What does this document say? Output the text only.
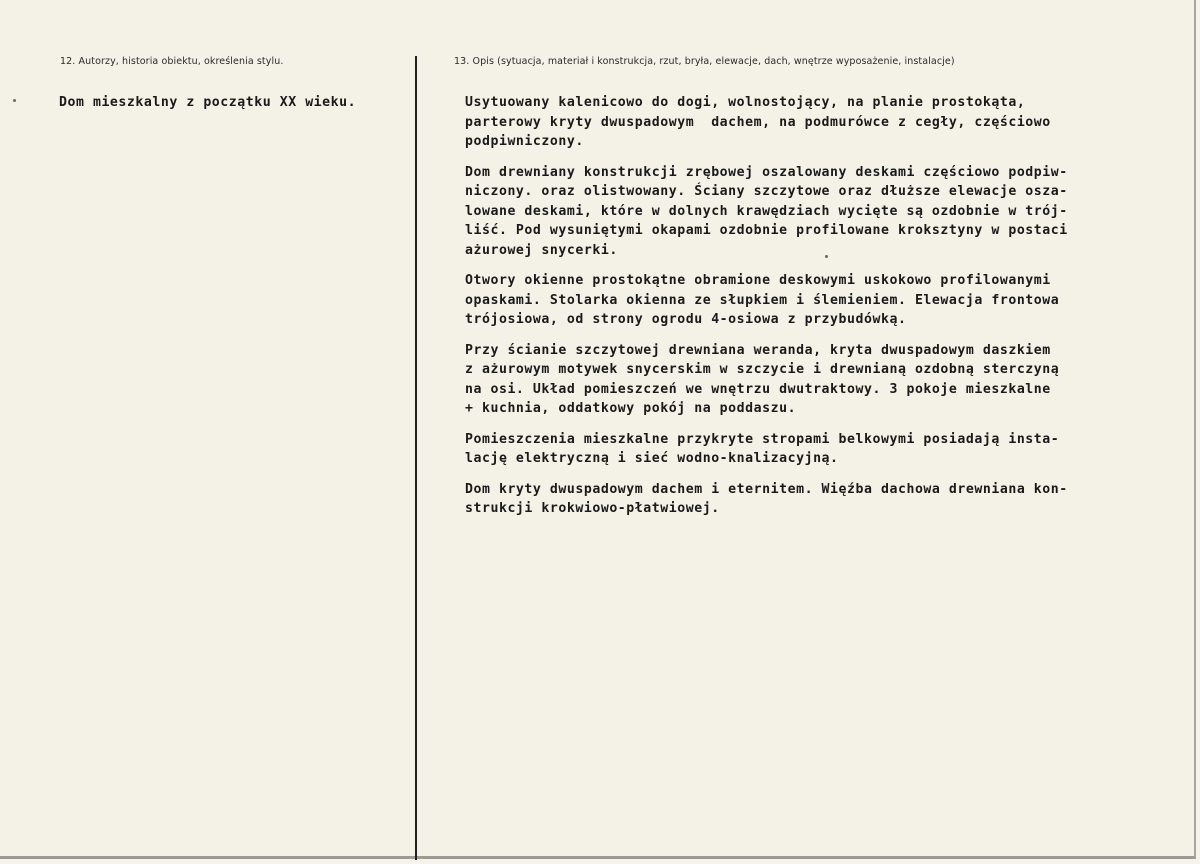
12. Autorzy, historia obiektu, określenia stylu.	13. Opis (sytuacja, materiał i konstrukcja, rzut, bryła, elewacje, dach, wnętrze wyposażenie, instalacje)

Dom mieszkalny z początku XX wieku.	Usytuowany kalenicowo do dogi, wolnostojący, na planie prostokąta,

parterowy kryty dwuspadowym  dachem, na podmurówce z cegły, częściowo

podpiwniczony.

Dom drewniany konstrukcji zrębowej oszalowany deskami częściowo podpiw-

niczony. oraz olistwowany. Ściany szczytowe oraz dłuższe elewacje osza-

lowane deskami, które w dolnych krawędziach wycięte są ozdobnie w trój-

liść. Pod wysuniętymi okapami ozdobnie profilowane kroksztyny w postaci

ażurowej snycerki.

Otwory okienne prostokątne obramione deskowymi uskokowo profilowanymi

opaskami. Stolarka okienna ze słupkiem i ślemieniem. Elewacja frontowa

trójosiowa, od strony ogrodu 4-osiowa z przybudówką.

Przy ścianie szczytowej drewniana weranda, kryta dwuspadowym daszkiem

z ażurowym motywek snycerskim w szczycie i drewnianą ozdobną sterczyną

na osi. Układ pomieszczeń we wnętrzu dwutraktowy. 3 pokoje mieszkalne

+ kuchnia, oddatkowy pokój na poddaszu.

Pomieszczenia mieszkalne przykryte stropami belkowymi posiadają insta-

lację elektryczną i sieć wodno-knalizacyjną.

Dom kryty dwuspadowym dachem i eternitem. Więźba dachowa drewniana kon-

strukcji krokwiowo-płatwiowej.
